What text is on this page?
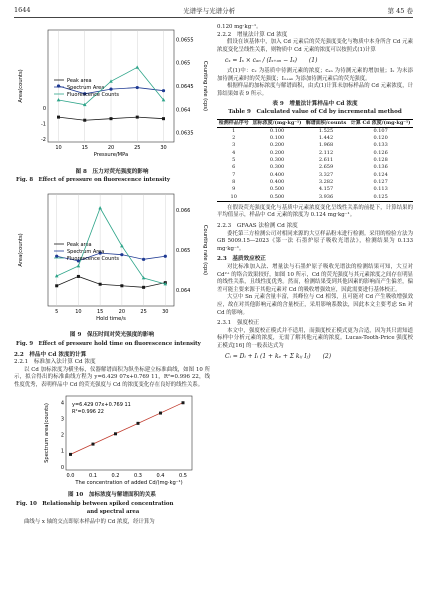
1644	光谱学与光谱分析	第 45 卷
10	15	20	25	30
0
-1
-2
0.0655
0.065
0.0645
0.064
0.0635
Pressure/MPa
Area(counts)	Counting rate (cps)
Peak area
Spectrum Area
Fluorescence Counts
图 8　压力对荧光强度的影响
Fig. 8　Effect of pressure on fluorescence intensity
5	10	15	20	25	30
0.066
0.065
0.064
Hold time/s
Area(counts)	Counting rate (cps)
Peak area
Spectrum Area
Fluorescence Counts
图 9　保压时间对荧光强度的影响
Fig. 9　Effect of pressure hold time on fluorescence intensity
2.2　样品中 Cd 浓度的计算
2.2.1　标准加入法计算 Cd 浓度
以 Cd 加标浓度为横坐标，仪器解谱面积为纵坐标建立标准曲线，如图 10 所示，拟合得出的标准曲线方程为 y=6.429 07x+0.769 11，R²=0.996 22，线性度优秀，表明样品中 Cd 的荧光强度与 Cd 的浓度变化存在良好的线性关系。
0.0	0.1	0.2	0.3	0.4	0.5
0
1
2
3
4 y=6.429 07x+0.769 11
R²=0.996 22
The concentration of added Cd/(mg·kg⁻¹)
Spectrum area(counts)
图 10　加标浓度与解谱面积的关系
Fig. 10　Relationship between spiked concentration
and spectral area
曲线与 x 轴的交点即原本样品中的 Cd 浓度，经计算为
0.120 mg·kg⁻¹。
2.2.2　增量法计算 Cd 浓度
假设在该基体中，加入 Cd 元素后的荧光强度变化与物质中本身所含 Cd 元素浓度变化呈线性关系，则物质中 Cd 元素的浓度可以按照式(1)计算
cₓ = Iₓ × cₐₙ / (Iₓ₊ₐₙ − Iₓ)　　(1)
式(1)中：cₓ 为基质中待测元素的浓度；cₐₙ 为待测元素的增加量；Iₓ 为未添加待测元素时的荧光强度；Iₓ₊ₐₙ 为添加待测元素后的荧光强度。
根据样品的加标浓度与解谱面积，由式(1)计算未加标样品的 Cd 元素浓度，计算结果如表 9 所示。
表 9　增量法计算样品中 Cd 浓度
Table 9　Calculated value of Cd by incremental method
检测样品序号	加标浓度/(mg·kg⁻¹)	解谱面积/counts	计算 Cd 浓度/(mg·kg⁻¹)
1	0.100	1.525	0.107
2	0.100	1.442	0.120
3	0.200	1.968	0.133
4	0.200	2.112	0.126
5	0.300	2.611	0.128
6	0.300	2.659	0.136
7	0.400	3.327	0.124
8	0.400	3.282	0.127
9	0.500	4.157	0.113
10	0.500	3.936	0.125
在假设荧光强度变化与基质中元素浓度变化呈线性关系的前提下，计算结果的平均值显示，样品中 Cd 元素的浓度为 0.124 mg·kg⁻¹。
2.2.3　GFAAS 法检测 Cd 浓度
委托第三方检测公司对相同来源的大豆样品粉末进行检测。采用的检验方法为 GB 5009.15—2023《第一法 石墨炉原子吸收光谱法》，检测结果为 0.133 mg·kg⁻¹。
2.3　基质效应校正
对比标准加入法、增量法与石墨炉原子吸收光谱法的检测结果可知，大豆对 Cd²⁺ 的络合效果较好，如图 10 所示，Cd 的荧光强度与其元素浓度之间存在明显的线性关系，且线性度优秀。然而，检测结果受到其他因素的影响而产生偏差，偏差可能主要来源于其他元素对 Cd 的吸收增强效应，因此需要进行基体校正。
大豆中 Sn 元素含量丰富，其峰位与 Cd 相邻，且可能对 Cd 产生吸收增强效应，故在对其他影响元素的含量校正，采用影响系数法，因此本文主要考虑 Sn 对 Cd 的影响。
2.3.1　强度校正
本文中，强度校正模式并不适用，而强度校正模式更为合适，因为其只需知道标样中分析元素的浓度，无需了解其他元素的浓度。Lucas-Tooth-Price 强度校正模式[16] 的一般表达式为
Cᵢ = Dᵢ + Iᵢ (1 + kₑ + Σ kᵢⱼ Iⱼ)　　(2)
